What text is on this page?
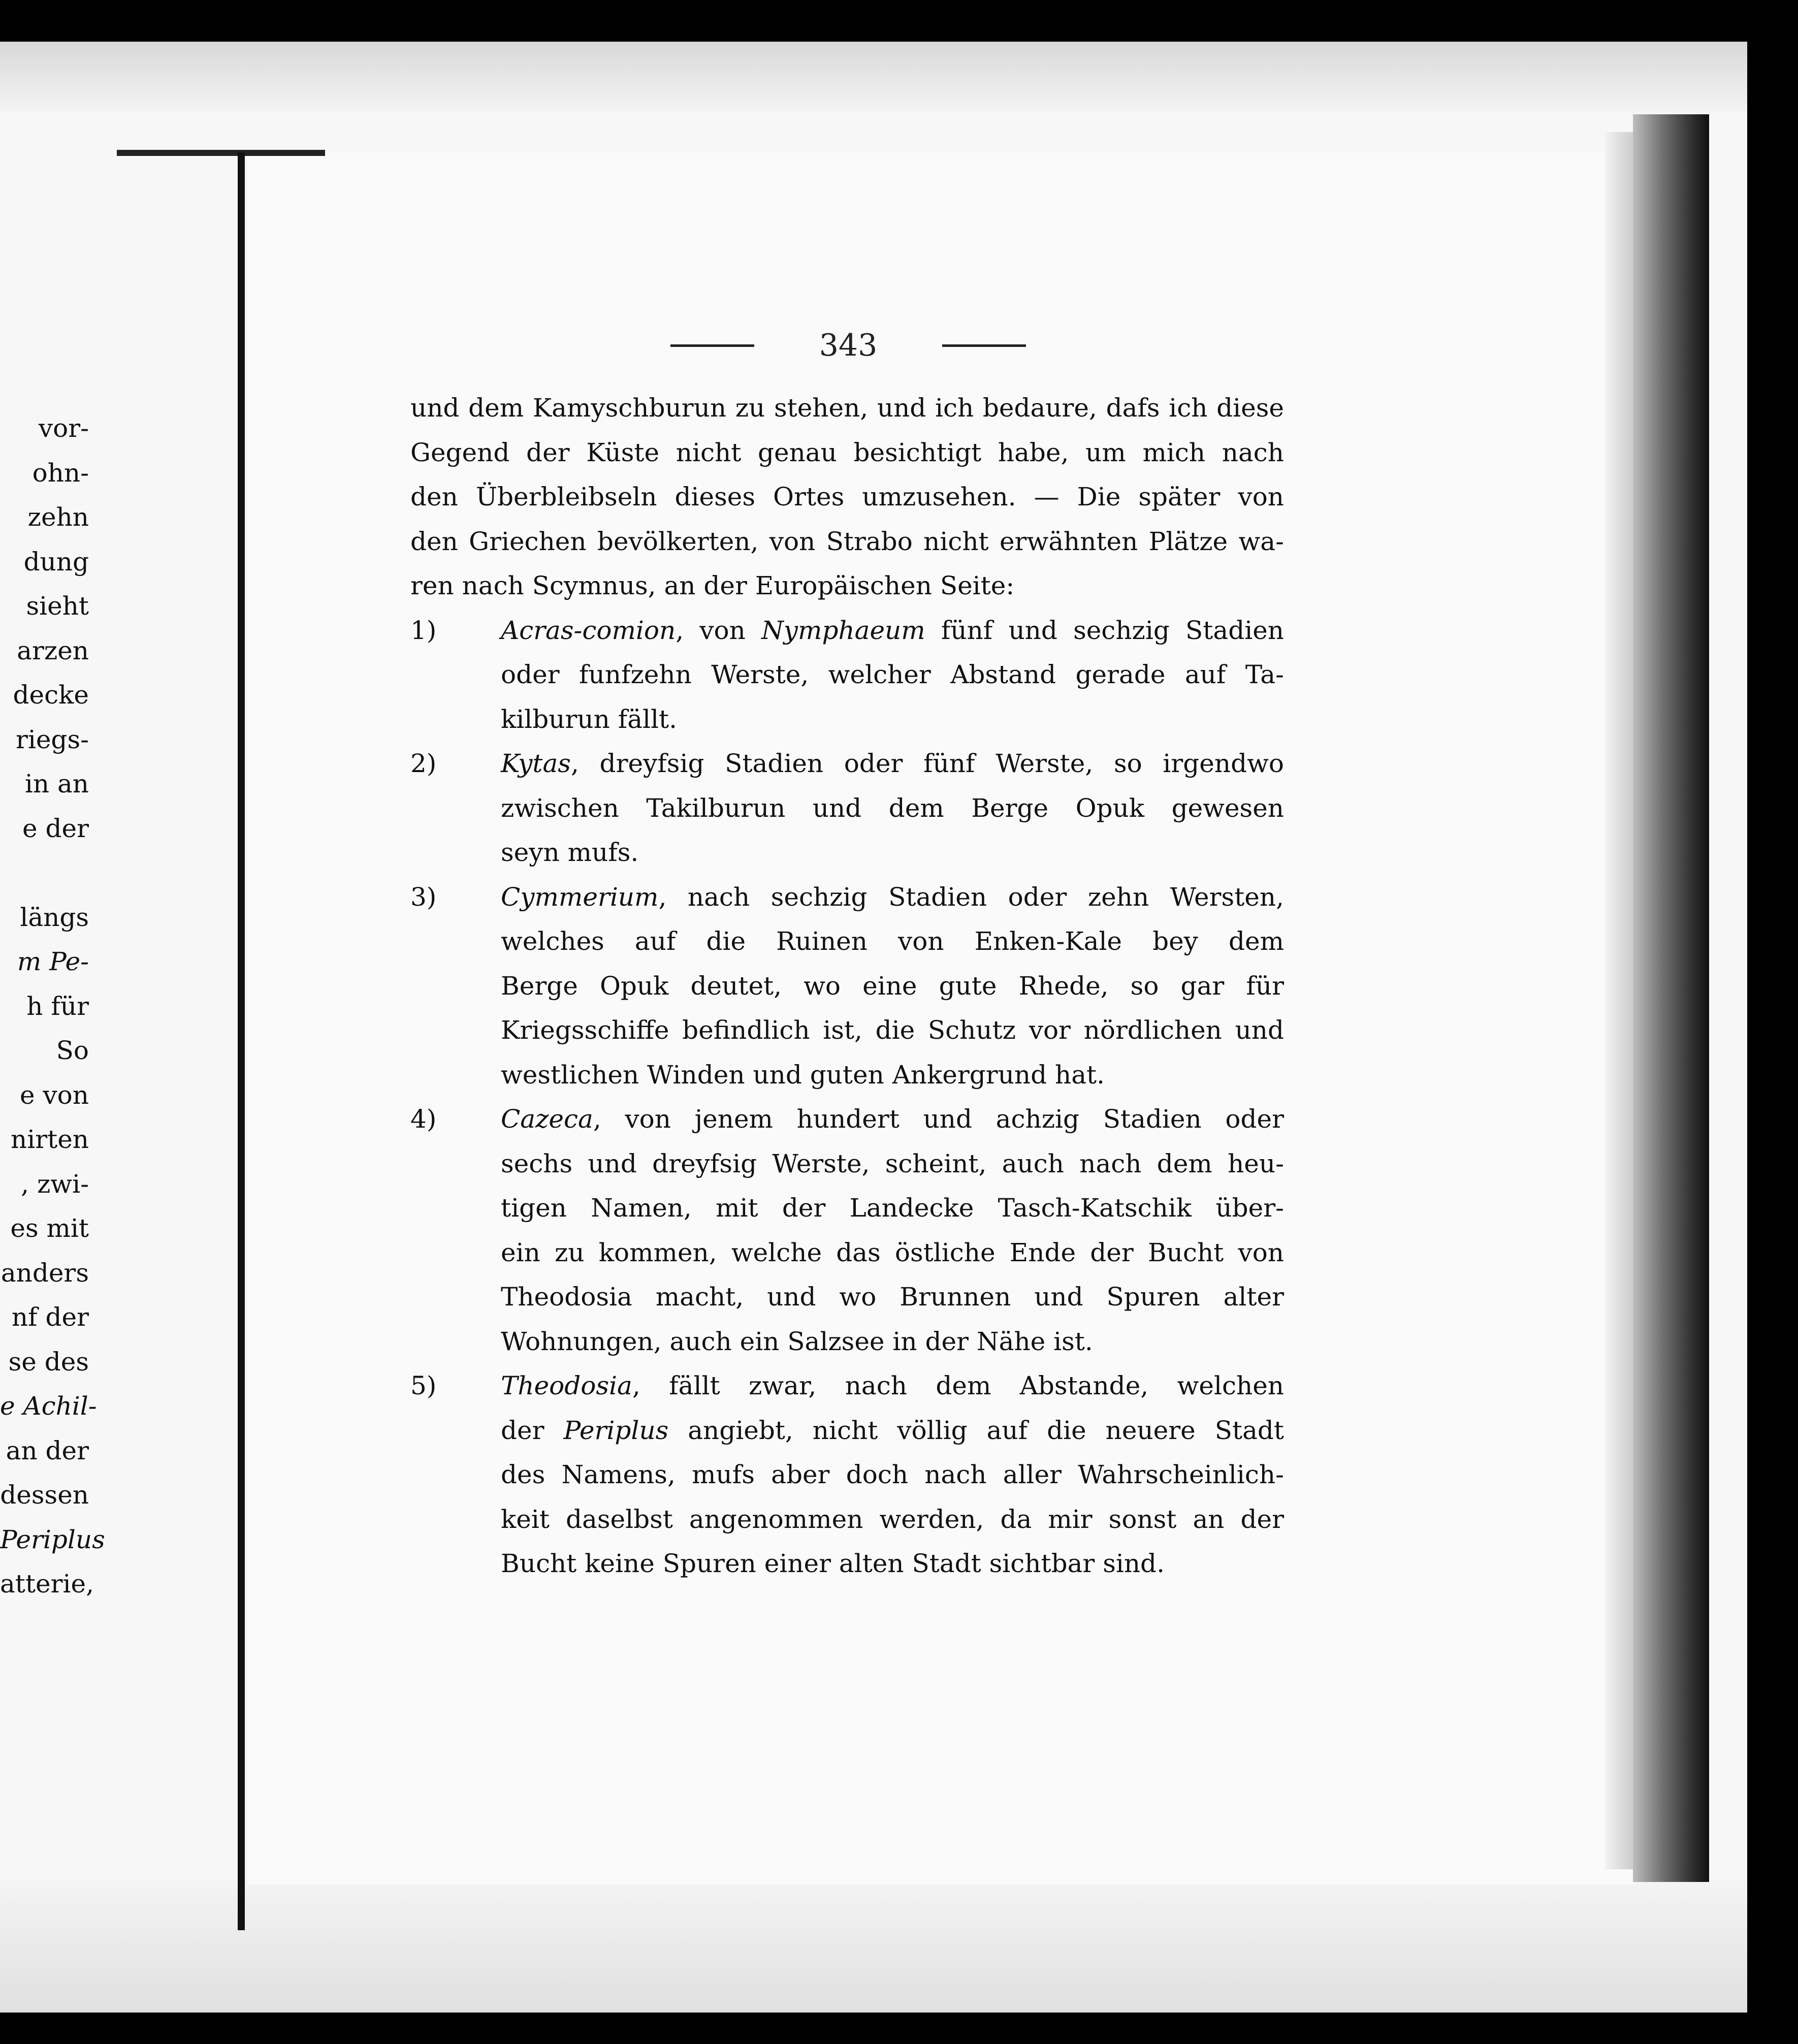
vor-
ohn-
zehn
dung
sieht
arzen
decke
riegs-
in an
e der
längs
m Pe-
h für
So
e von
nirten
, zwi-
es mit
anders
nf der
se des
e Achil-
an der
dessen
Periplus
atterie,
343
und dem Kamyschburun zu stehen, und ich bedaure, dafs ich diese
Gegend der Küste nicht genau besichtigt habe, um mich nach
den Überbleibseln dieses Ortes umzusehen. — Die später von
den Griechen bevölkerten, von Strabo nicht erwähnten Plätze wa-
ren nach Scymnus, an der Europäischen Seite:
1)	Acras-comion, von Nymphaeum fünf und sechzig Stadien
oder funfzehn Werste, welcher Abstand gerade auf Ta-
kilburun fällt.
2)	Kytas, dreyfsig Stadien oder fünf Werste, so irgendwo
zwischen Takilburun und dem Berge Opuk gewesen
seyn mufs.
3)	Cymmerium, nach sechzig Stadien oder zehn Wersten,
welches auf die Ruinen von Enken-Kale bey dem
Berge Opuk deutet, wo eine gute Rhede, so gar für
Kriegsschiffe befindlich ist, die Schutz vor nördlichen und
westlichen Winden und guten Ankergrund hat.
4)	Cazeca, von jenem hundert und achzig Stadien oder
sechs und dreyfsig Werste, scheint, auch nach dem heu-
tigen Namen, mit der Landecke Tasch-Katschik über-
ein zu kommen, welche das östliche Ende der Bucht von
Theodosia macht, und wo Brunnen und Spuren alter
Wohnungen, auch ein Salzsee in der Nähe ist.
5)	Theodosia, fällt zwar, nach dem Abstande, welchen
der Periplus angiebt, nicht völlig auf die neuere Stadt
des Namens, mufs aber doch nach aller Wahrscheinlich-
keit daselbst angenommen werden, da mir sonst an der
Bucht keine Spuren einer alten Stadt sichtbar sind.
